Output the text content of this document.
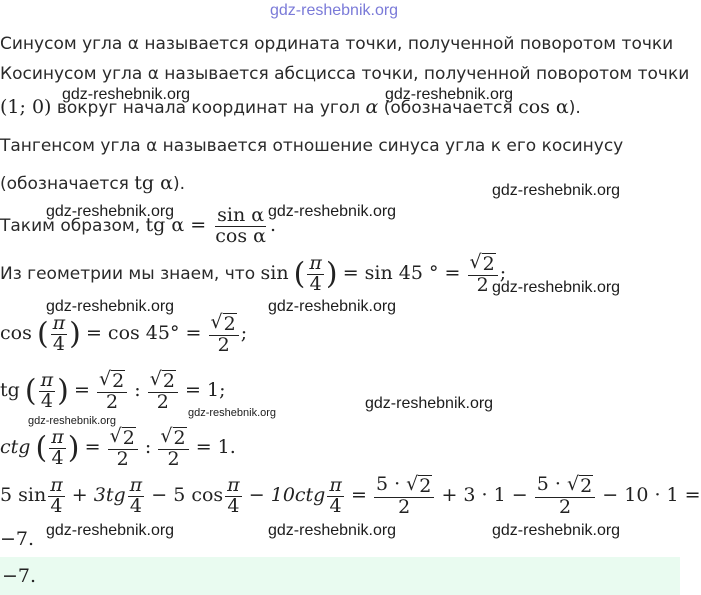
gdz-reshebnik.org
Синусом угла α называется ордината точки, полученной поворотом точки
Косинусом угла α называется абсцисса точки, полученной поворотом точки
(1; 0) вокруг начала координат на угол α (обозначается cos α).
Тангенсом угла α называется отношение синуса угла к его косинусу
(обозначается tg α).
Таким образом, tg $\alpha = \frac{\text{sin α}}{\text{cos α}}$ .
Из геометрии мы знаем, что sin ( $\frac{\pi}{4}$ ) = sin 45 ° = $\frac{√ 2}{2}$ ;
cos ( $\frac{\pi}{4}$ ) = $\cos 45^\circ = \frac{√ 2}{2}$ ;
tg ( $\frac{\pi}{4}$ ) = $\frac{√ 2}{2}$ : $\frac{√ 2}{2} = 1$;
ctg ( $\frac{\pi}{4}$ ) = $\frac{√ 2}{2}$ : $\frac{√ 2}{2} = 1$.
5 $\sin \frac{\pi}{4} + 3tg \frac{\pi}{4} - 5$ $\cos \frac{\pi}{4} - 10ctg \frac{\pi}{4} = \frac{5 \cdot √ 2}{2} + 3 \cdot 1 - \frac{5 \cdot √ 2}{2} - 10 \cdot 1$ =
−7.
−7.
gdz-reshebnik.org	gdz-reshebnik.org
gdz-reshebnik.org
gdz-reshebnik.org	gdz-reshebnik.org
gdz-reshebnik.org
gdz-reshebnik.org	gdz-reshebnik.org
gdz-reshebnik.org
gdz-reshebnik.org
gdz-reshebnik.org
gdz-reshebnik.org	gdz-reshebnik.org	gdz-reshebnik.org
